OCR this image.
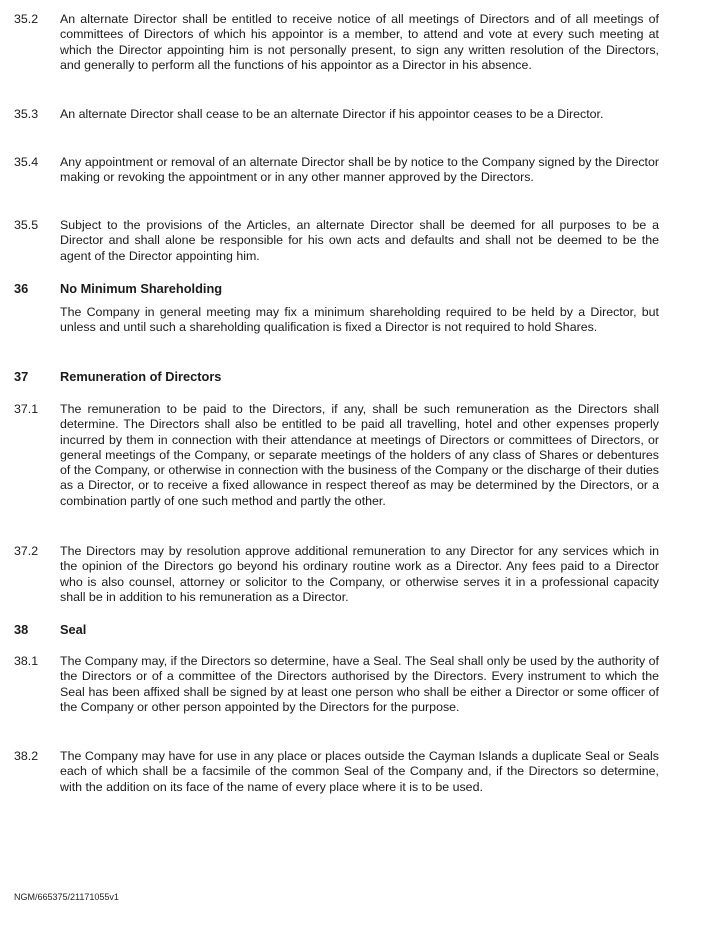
35.2	An alternate Director shall be entitled to receive notice of all meetings of Directors and of all meetings of committees of Directors of which his appointor is a member, to attend and vote at every such meeting at which the Director appointing him is not personally present, to sign any written resolution of the Directors, and generally to perform all the functions of his appointor as a Director in his absence.
35.3	An alternate Director shall cease to be an alternate Director if his appointor ceases to be a Director.
35.4	Any appointment or removal of an alternate Director shall be by notice to the Company signed by the Director making or revoking the appointment or in any other manner approved by the Directors.
35.5	Subject to the provisions of the Articles, an alternate Director shall be deemed for all purposes to be a Director and shall alone be responsible for his own acts and defaults and shall not be deemed to be the agent of the Director appointing him.
36	No Minimum Shareholding
The Company in general meeting may fix a minimum shareholding required to be held by a Director, but unless and until such a shareholding qualification is fixed a Director is not required to hold Shares.
37	Remuneration of Directors
37.1	The remuneration to be paid to the Directors, if any, shall be such remuneration as the Directors shall determine. The Directors shall also be entitled to be paid all travelling, hotel and other expenses properly incurred by them in connection with their attendance at meetings of Directors or committees of Directors, or general meetings of the Company, or separate meetings of the holders of any class of Shares or debentures of the Company, or otherwise in connection with the business of the Company or the discharge of their duties as a Director, or to receive a fixed allowance in respect thereof as may be determined by the Directors, or a combination partly of one such method and partly the other.
37.2	The Directors may by resolution approve additional remuneration to any Director for any services which in the opinion of the Directors go beyond his ordinary routine work as a Director. Any fees paid to a Director who is also counsel, attorney or solicitor to the Company, or otherwise serves it in a professional capacity shall be in addition to his remuneration as a Director.
38	Seal
38.1	The Company may, if the Directors so determine, have a Seal. The Seal shall only be used by the authority of the Directors or of a committee of the Directors authorised by the Directors. Every instrument to which the Seal has been affixed shall be signed by at least one person who shall be either a Director or some officer of the Company or other person appointed by the Directors for the purpose.
38.2	The Company may have for use in any place or places outside the Cayman Islands a duplicate Seal or Seals each of which shall be a facsimile of the common Seal of the Company and, if the Directors so determine, with the addition on its face of the name of every place where it is to be used.
NGM/665375/21171055v1
